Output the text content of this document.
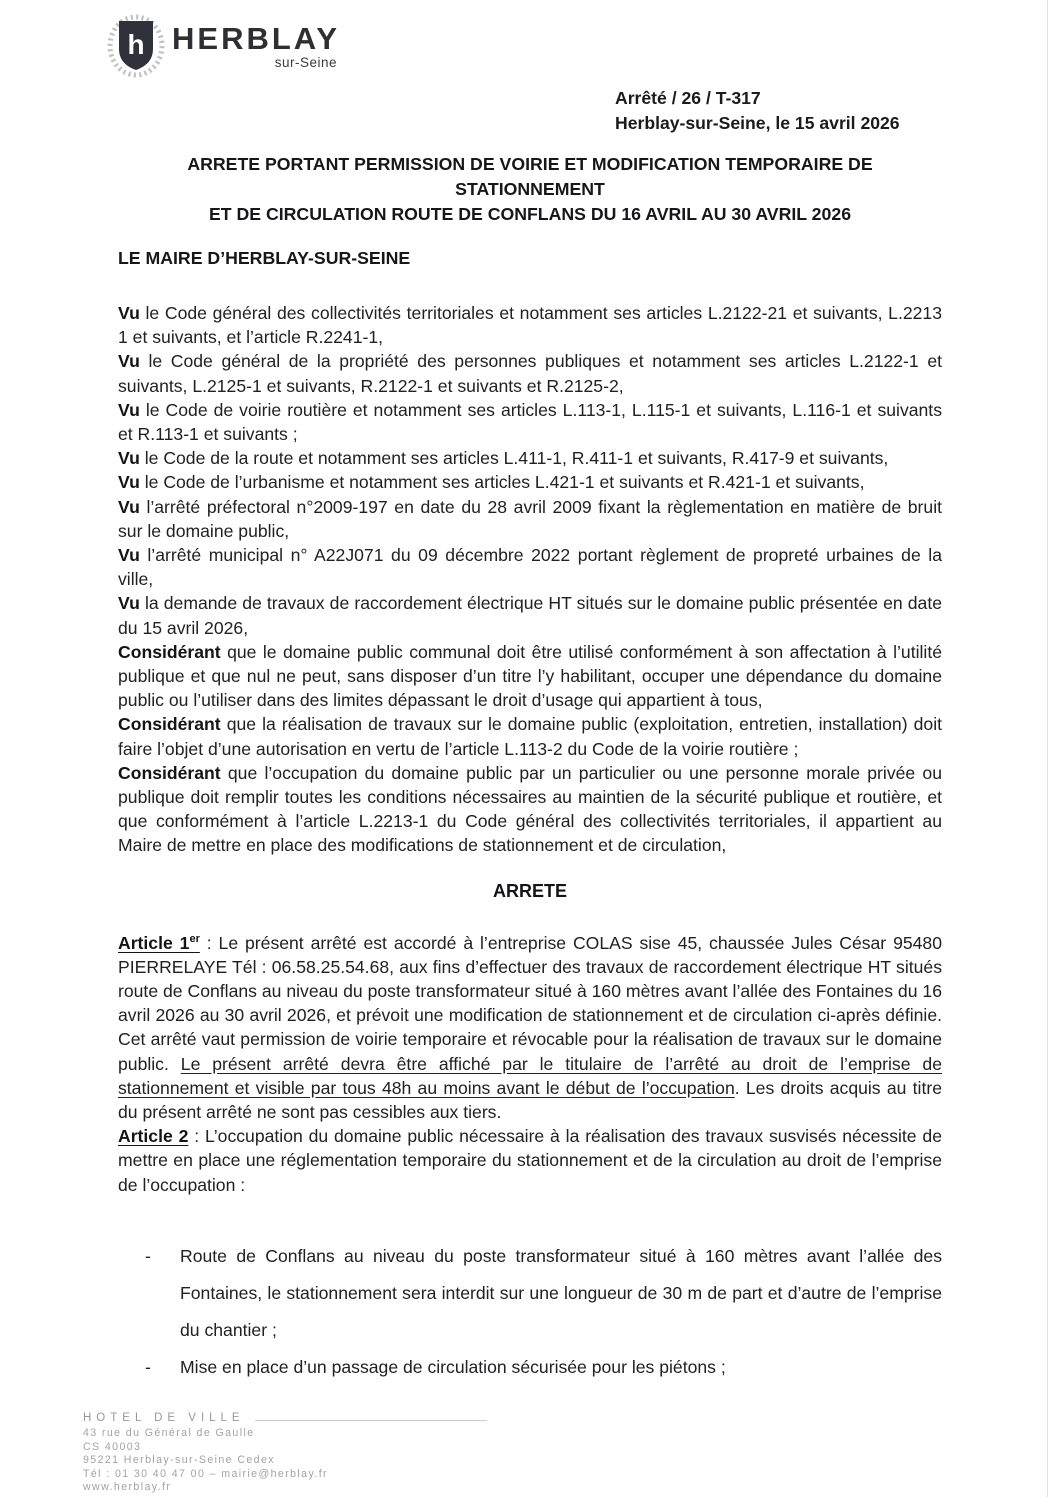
h HERBLAY
sur-Seine
Arrêté / 26 / T-317
Herblay-sur-Seine, le 15 avril 2026
ARRETE PORTANT PERMISSION DE VOIRIE ET MODIFICATION TEMPORAIRE DE STATIONNEMENT
ET DE CIRCULATION ROUTE DE CONFLANS DU 16 AVRIL AU 30 AVRIL 2026
LE MAIRE D’HERBLAY-SUR-SEINE

Vu le Code général des collectivités territoriales et notamment ses articles L.2122-21 et suivants, L.2213 1 et suivants, et l’article R.2241-1,

Vu le Code général de la propriété des personnes publiques et notamment ses articles L.2122-1 et suivants, L.2125-1 et suivants, R.2122-1 et suivants et R.2125-2,

Vu le Code de voirie routière et notamment ses articles L.113-1, L.115-1 et suivants, L.116-1 et suivants et R.113-1 et suivants ;

Vu le Code de la route et notamment ses articles L.411-1, R.411-1 et suivants, R.417-9 et suivants,

Vu le Code de l’urbanisme et notamment ses articles L.421-1 et suivants et R.421-1 et suivants,

Vu l’arrêté préfectoral n°2009-197 en date du 28 avril 2009 fixant la règlementation en matière de bruit sur le domaine public,

Vu l’arrêté municipal n° A22J071 du 09 décembre 2022 portant règlement de propreté urbaines de la ville,

Vu la demande de travaux de raccordement électrique HT situés sur le domaine public présentée en date du 15 avril 2026,

Considérant que le domaine public communal doit être utilisé conformément à son affectation à l’utilité publique et que nul ne peut, sans disposer d’un titre l’y habilitant, occuper une dépendance du domaine public ou l’utiliser dans des limites dépassant le droit d’usage qui appartient à tous,

Considérant que la réalisation de travaux sur le domaine public (exploitation, entretien, installation) doit faire l’objet d’une autorisation en vertu de l’article L.113-2 du Code de la voirie routière ;

Considérant que l’occupation du domaine public par un particulier ou une personne morale privée ou publique doit remplir toutes les conditions nécessaires au maintien de la sécurité publique et routière, et que conformément à l’article L.2213-1 du Code général des collectivités territoriales, il appartient au Maire de mettre en place des modifications de stationnement et de circulation,

ARRETE

Article 1er : Le présent arrêté est accordé à l’entreprise COLAS sise 45, chaussée Jules César 95480 PIERRELAYE Tél : 06.58.25.54.68, aux fins d’effectuer des travaux de raccordement électrique HT situés route de Conflans au niveau du poste transformateur situé à 160 mètres avant l’allée des Fontaines du 16 avril 2026 au 30 avril 2026, et prévoit une modification de stationnement et de circulation ci-après définie. Cet arrêté vaut permission de voirie temporaire et révocable pour la réalisation de travaux sur le domaine public. Le présent arrêté devra être affiché par le titulaire de l’arrêté au droit de l’emprise de stationnement et visible par tous 48h au moins avant le début de l’occupation. Les droits acquis au titre du présent arrêté ne sont pas cessibles aux tiers.

Article 2 : L’occupation du domaine public nécessaire à la réalisation des travaux susvisés nécessite de mettre en place une réglementation temporaire du stationnement et de la circulation au droit de l’emprise de l’occupation :

- Route de Conflans au niveau du poste transformateur situé à 160 mètres avant l’allée des Fontaines, le stationnement sera interdit sur une longueur de 30 m de part et d’autre de l’emprise du chantier ;
- Mise en place d’un passage de circulation sécurisée pour les piétons ;
HOTEL DE VILLE
43 rue du Général de Gaulle
CS 40003
95221 Herblay-sur-Seine Cedex
Tél : 01 30 40 47 00 – mairie@herblay.fr
www.herblay.fr
